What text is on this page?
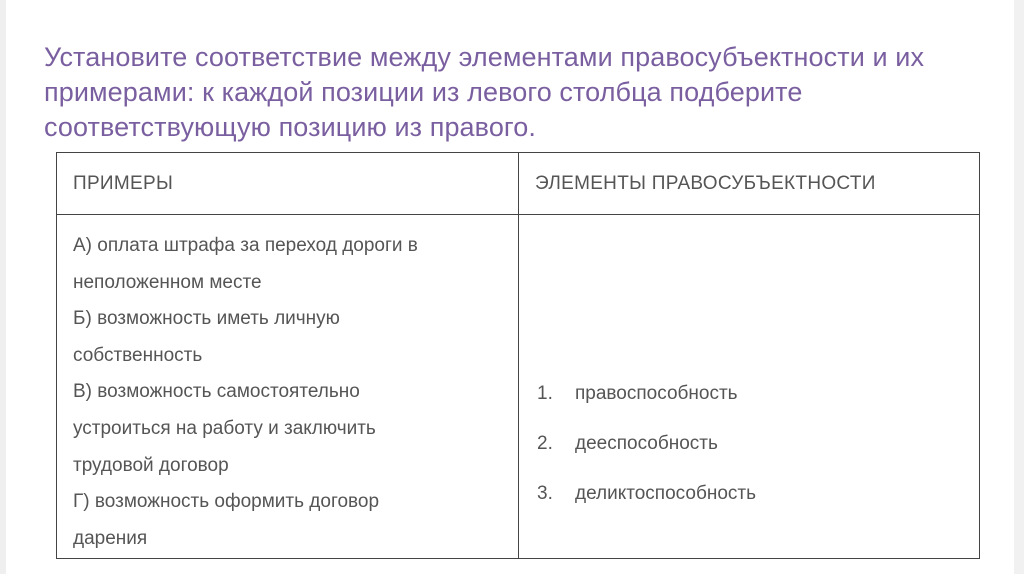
Установите соответствие между элементами правосубъектности и их
примерами: к каждой позиции из левого столбца подберите
соответствующую позицию из правого.
ПРИМЕРЫ	ЭЛЕМЕНТЫ ПРАВОСУБЪЕКТНОСТИ
А) оплата штрафа за переход дороги в
неположенном месте
Б) возможность иметь личную
собственность
В) возможность самостоятельно
устроиться на работу и заключить
трудовой договор
Г) возможность оформить договор
дарения
1. правоспособность
2. дееспособность
3. деликтоспособность
